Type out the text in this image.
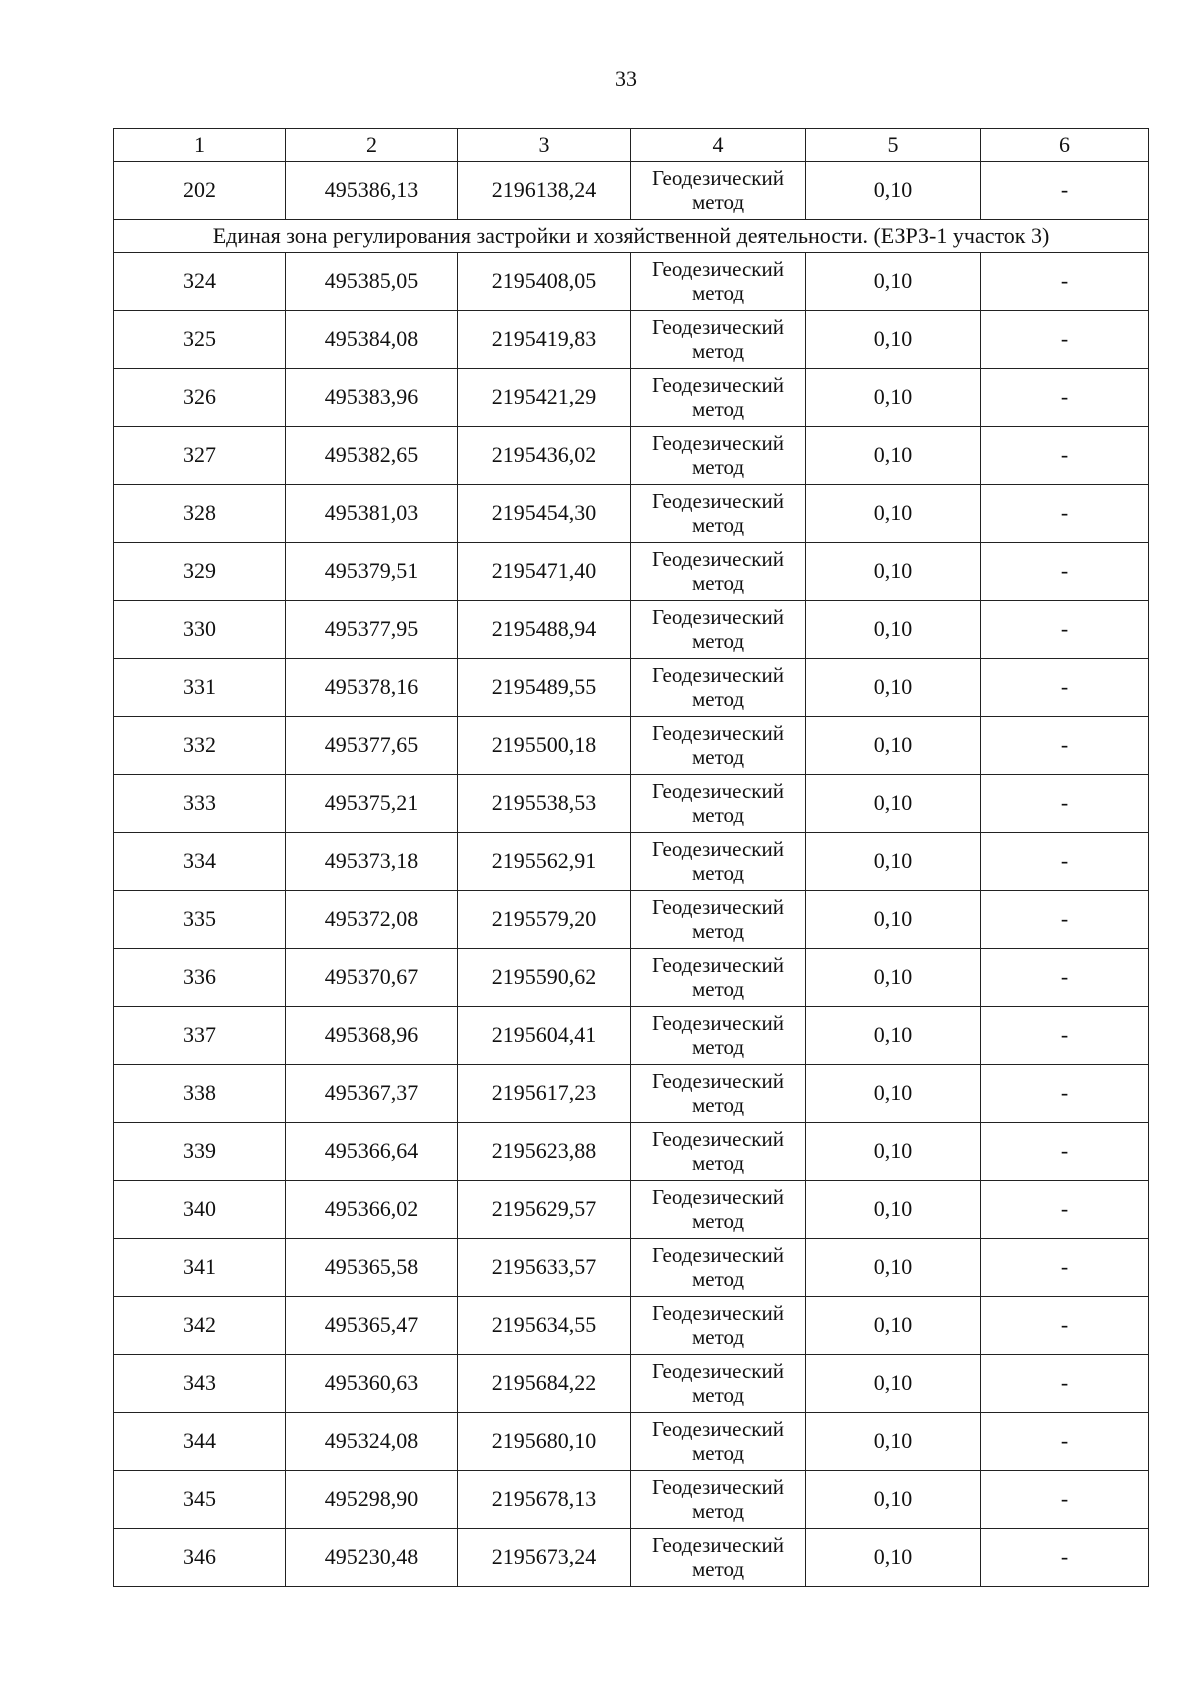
33
1	2	3	4	5	6
202	495386,13	2196138,24	Геодезический метод	0,10	-
Единая зона регулирования застройки и хозяйственной деятельности. (ЕЗРЗ-1 участок 3)					
324	495385,05	2195408,05	Геодезический метод	0,10	-
325	495384,08	2195419,83	Геодезический метод	0,10	-
326	495383,96	2195421,29	Геодезический метод	0,10	-
327	495382,65	2195436,02	Геодезический метод	0,10	-
328	495381,03	2195454,30	Геодезический метод	0,10	-
329	495379,51	2195471,40	Геодезический метод	0,10	-
330	495377,95	2195488,94	Геодезический метод	0,10	-
331	495378,16	2195489,55	Геодезический метод	0,10	-
332	495377,65	2195500,18	Геодезический метод	0,10	-
333	495375,21	2195538,53	Геодезический метод	0,10	-
334	495373,18	2195562,91	Геодезический метод	0,10	-
335	495372,08	2195579,20	Геодезический метод	0,10	-
336	495370,67	2195590,62	Геодезический метод	0,10	-
337	495368,96	2195604,41	Геодезический метод	0,10	-
338	495367,37	2195617,23	Геодезический метод	0,10	-
339	495366,64	2195623,88	Геодезический метод	0,10	-
340	495366,02	2195629,57	Геодезический метод	0,10	-
341	495365,58	2195633,57	Геодезический метод	0,10	-
342	495365,47	2195634,55	Геодезический метод	0,10	-
343	495360,63	2195684,22	Геодезический метод	0,10	-
344	495324,08	2195680,10	Геодезический метод	0,10	-
345	495298,90	2195678,13	Геодезический метод	0,10	-
346	495230,48	2195673,24	Геодезический метод	0,10	-
